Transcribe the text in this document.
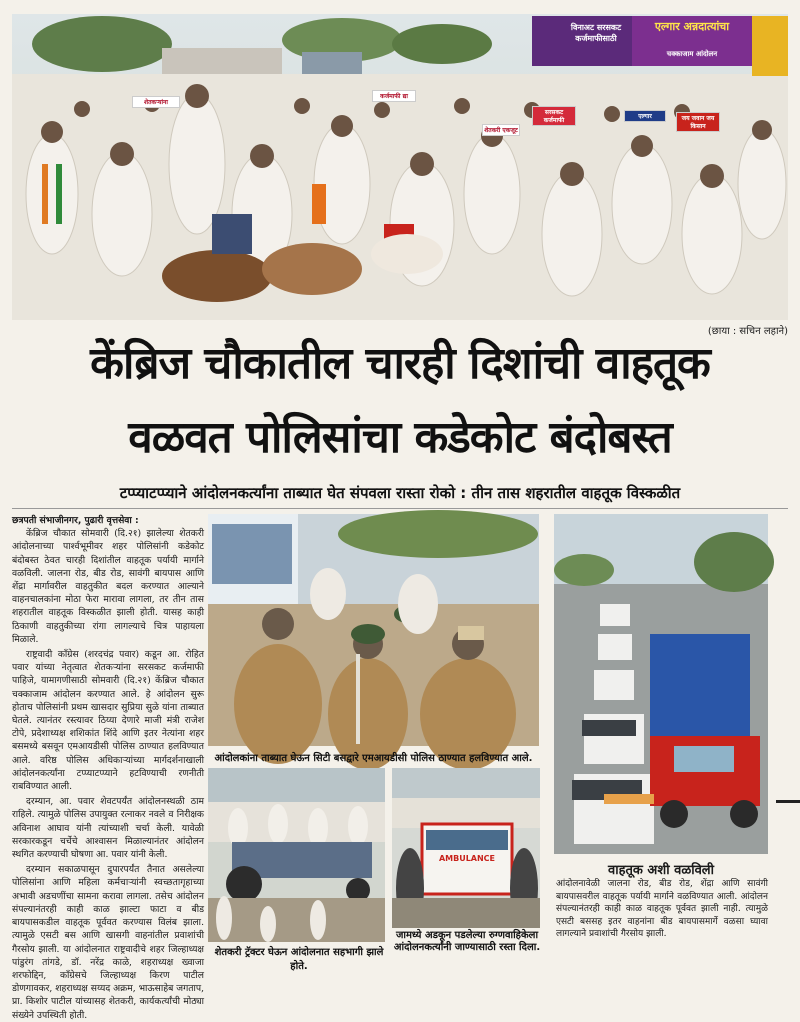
विनाअट सरसकट कर्जमाफीसाठी
एल्गार अन्नदात्यांचा
चक्काजाम आंदोलन
शेतकऱ्यांना
कर्जमाफी द्या
सरसकट कर्जमाफी
एल्गार	जय जवान जय किसान
शेतकरी एकजूट
(छाया : सचिन लहाने)
केंब्रिज चौकातील चारही दिशांची वाहतूक
वळवत पोलिसांचा कडेकोट बंदोबस्त
टप्प्याटप्प्याने आंदोलनकर्त्यांना ताब्यात घेत संपवला रास्ता रोको : तीन तास शहरातील वाहतूक विस्कळीत
छत्रपती संभाजीनगर, पुढारी वृत्तसेवा :

केंब्रिज चौकात सोमवारी (दि.२१) झालेल्या शेतकरी आंदोलनाच्या पार्श्वभूमीवर शहर पोलिसांनी कडेकोट बंदोबस्त ठेवत चारही दिशांतील वाहतूक पर्यायी मार्गाने वळविली. जालना रोड, बीड रोड, सावंगी बायपास आणि शेंद्रा मार्गावरील वाहतुकीत बदल करण्यात आल्याने वाहनचालकांना मोठा फेरा मारावा लागला, तर तीन तास शहरातील वाहतूक विस्कळीत झाली होती. यासह काही ठिकाणी वाहतुकीच्या रांगा लागल्याचे चित्र पाहायला मिळाले.

राष्ट्रवादी काँग्रेस (शरदचंद्र पवार) कडून आ. रोहित पवार यांच्या नेतृत्वात शेतकऱ्यांना सरसकट कर्जमाफी पाहिजे, यामागणीसाठी सोमवारी (दि.२१) केंब्रिज चौकात चक्काजाम आंदोलन करण्यात आले. हे आंदोलन सुरू होताच पोलिसांनी प्रथम खासदार सुप्रिया सुळे यांना ताब्यात घेतले. त्यानंतर रस्त्यावर ठिय्या देणारे माजी मंत्री राजेश टोपे, प्रदेशाध्यक्ष शशिकांत शिंदे आणि इतर नेत्यांना शहर बसमध्ये बसवून एमआयडीसी पोलिस ठाण्यात हलविण्यात आले. वरिष्ठ पोलिस अधिकाऱ्यांच्या मार्गदर्शनाखाली आंदोलनकर्त्यांना टप्प्याटप्प्याने हटविण्याची रणनीती राबविण्यात आली.

दरम्यान, आ. पवार शेवटपर्यंत आंदोलनस्थळी ठाम राहिले. त्यामुळे पोलिस उपायुक्त रत्नाकर नवले व निरीक्षक अविनाश आघाव यांनी त्यांच्याशी चर्चा केली. यावेळी सरकारकडून चर्चेचे आश्वासन मिळाल्यानंतर आंदोलन स्थगित करण्याची घोषणा आ. पवार यांनी केली.

दरम्यान सकाळपासून दुपारपर्यंत तैनात असलेल्या पोलिसांना आणि महिला कर्मचाऱ्यांनी स्वच्छतागृहाच्या अभावी अडचणींचा सामना करावा लागला. तसेच आंदोलन संपल्यानंतरही काही काळ झाल्टा फाटा व बीड बायपासकडील वाहतूक पूर्ववत करण्यास विलंब झाला. त्यामुळे एसटी बस आणि खासगी वाहनांतील प्रवाशांची गैरसोय झाली. या आंदोलनात राष्ट्रवादीचे शहर जिल्हाध्यक्ष पांडुरंग तांगडे, डॉ. नरेंद्र काळे, शहराध्यक्ष ख्वाजा शरफोद्दिन, काँग्रेसचे जिल्हाध्यक्ष किरण पाटील डोणगावकर, शहराध्यक्ष सय्यद अक्रम, भाऊसाहेब जगताप, प्रा. किशोर पाटील यांच्यासह शेतकरी, कार्यकर्त्यांची मोठ्या संख्येने उपस्थिती होती.

आंदोलकांना ताब्यात घेऊन सिटी बसद्वारे एमआयडीसी पोलिस ठाण्यात हलविण्यात आले.
शेतकरी ट्रॅक्टर घेऊन आंदोलनात सहभागी झाले होते.
AMBULANCE
जामध्ये अडकून पडलेल्या रुग्णवाहिकेला आंदोलनकर्त्यांनी जाण्यासाठी रस्ता दिला.
वाहतूक अशी वळविली
आंदोलनावेळी जालना रोड, बीड रोड, शेंद्रा आणि सावंगी बायपासवरील वाहतूक पर्यायी मार्गाने वळविण्यात आली. आंदोलन संपल्यानंतरही काही काळ वाहतूक पूर्ववत झाली नाही. त्यामुळे एसटी बससह इतर वाहनांना बीड बायपासमार्गे वळसा घ्यावा लागल्याने प्रवाशांची गैरसोय झाली.
